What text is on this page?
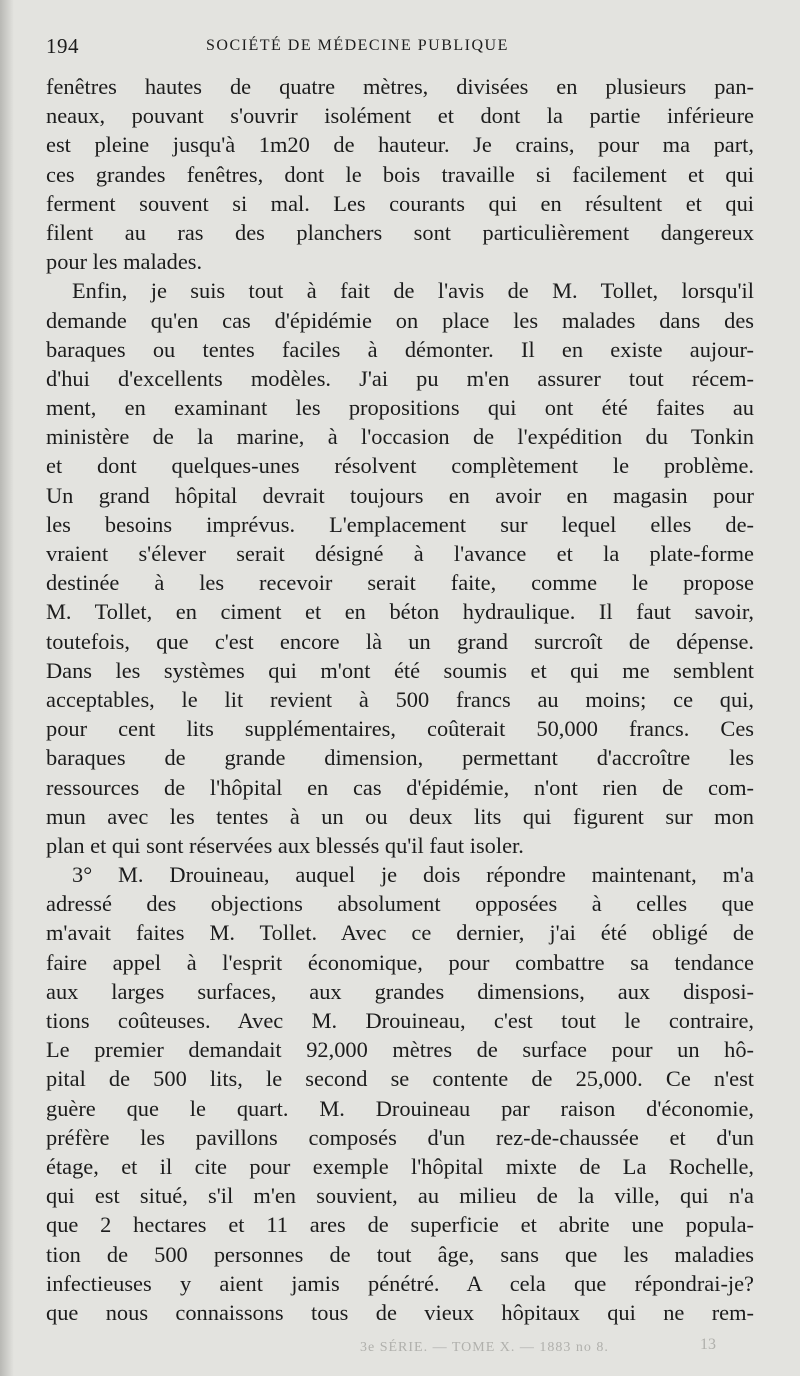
194	SOCIÉTÉ DE MÉDECINE PUBLIQUE
fenêtres hautes de quatre mètres, divisées en plusieurs pan-
neaux, pouvant s'ouvrir isolément et dont la partie inférieure
est pleine jusqu'à 1m20 de hauteur. Je crains, pour ma part,
ces grandes fenêtres, dont le bois travaille si facilement et qui
ferment souvent si mal. Les courants qui en résultent et qui
filent au ras des planchers sont particulièrement dangereux
pour les malades.
Enfin, je suis tout à fait de l'avis de M. Tollet, lorsqu'il
demande qu'en cas d'épidémie on place les malades dans des
baraques ou tentes faciles à démonter. Il en existe aujour-
d'hui d'excellents modèles. J'ai pu m'en assurer tout récem-
ment, en examinant les propositions qui ont été faites au
ministère de la marine, à l'occasion de l'expédition du Tonkin
et dont quelques-unes résolvent complètement le problème.
Un grand hôpital devrait toujours en avoir en magasin pour
les besoins imprévus. L'emplacement sur lequel elles de-
vraient s'élever serait désigné à l'avance et la plate-forme
destinée à les recevoir serait faite, comme le propose
M. Tollet, en ciment et en béton hydraulique. Il faut savoir,
toutefois, que c'est encore là un grand surcroît de dépense.
Dans les systèmes qui m'ont été soumis et qui me semblent
acceptables, le lit revient à 500 francs au moins; ce qui,
pour cent lits supplémentaires, coûterait 50,000 francs. Ces
baraques de grande dimension, permettant d'accroître les
ressources de l'hôpital en cas d'épidémie, n'ont rien de com-
mun avec les tentes à un ou deux lits qui figurent sur mon
plan et qui sont réservées aux blessés qu'il faut isoler.
3° M. Drouineau, auquel je dois répondre maintenant, m'a
adressé des objections absolument opposées à celles que
m'avait faites M. Tollet. Avec ce dernier, j'ai été obligé de
faire appel à l'esprit économique, pour combattre sa tendance
aux larges surfaces, aux grandes dimensions, aux disposi-
tions coûteuses. Avec M. Drouineau, c'est tout le contraire,
Le premier demandait 92,000 mètres de surface pour un hô-
pital de 500 lits, le second se contente de 25,000. Ce n'est
guère que le quart. M. Drouineau par raison d'économie,
préfère les pavillons composés d'un rez-de-chaussée et d'un
étage, et il cite pour exemple l'hôpital mixte de La Rochelle,
qui est situé, s'il m'en souvient, au milieu de la ville, qui n'a
que 2 hectares et 11 ares de superficie et abrite une popula-
tion de 500 personnes de tout âge, sans que les maladies
infectieuses y aient jamis pénétré. A cela que répondrai-je?
que nous connaissons tous de vieux hôpitaux qui ne rem-
3e SÉRIE. — TOME X. — 1883 no 8.	13
